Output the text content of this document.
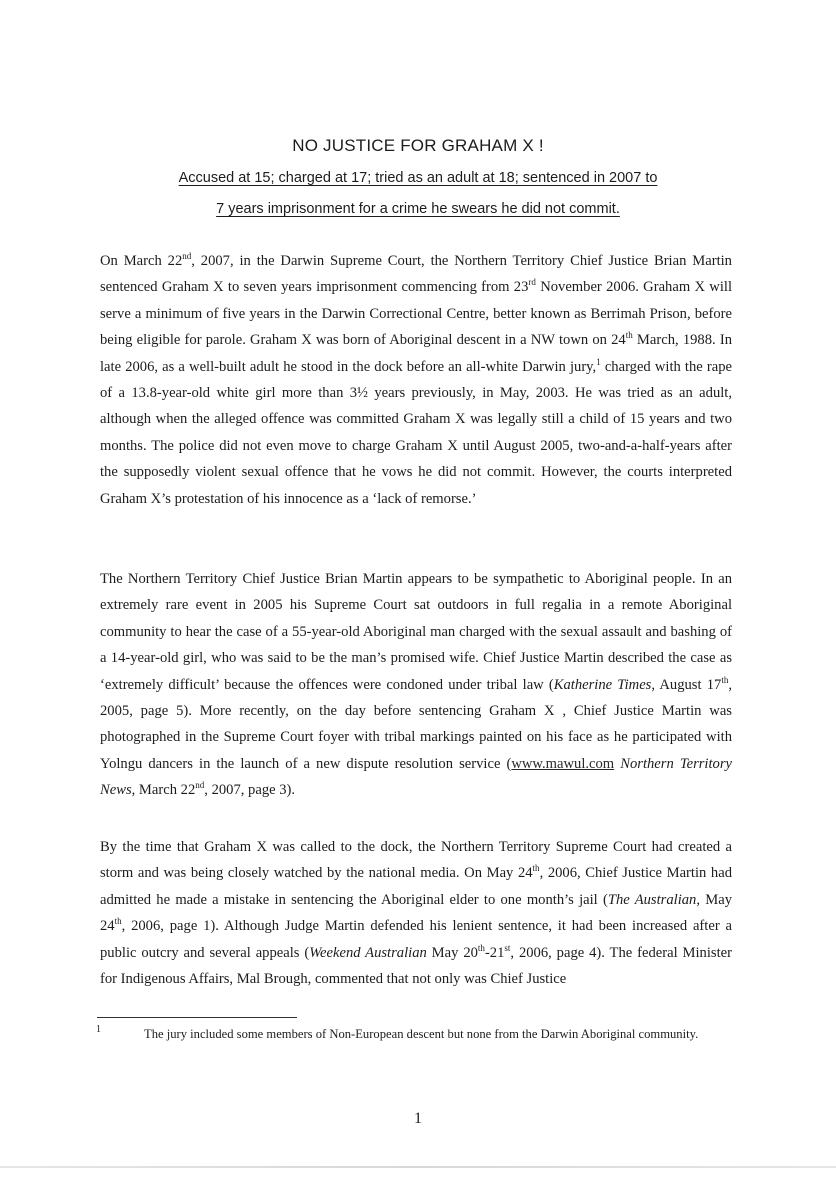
NO JUSTICE FOR GRAHAM X !
Accused at 15; charged at 17; tried as an adult at 18; sentenced in 2007 to
7 years imprisonment for a crime he swears he did not commit.

On March 22nd, 2007, in the Darwin Supreme Court, the Northern Territory Chief Justice Brian Martin sentenced Graham X to seven years imprisonment commencing from 23rd November 2006. Graham X will serve a minimum of five years in the Darwin Correctional Centre, better known as Berrimah Prison, before being eligible for parole. Graham X was born of Aboriginal descent in a NW town on 24th March, 1988. In late 2006, as a well-built adult he stood in the dock before an all-white Darwin jury,$^1$ charged with the rape of a 13.8-year-old white girl more than 3½ years previously, in May, 2003. He was tried as an adult, although when the alleged offence was committed Graham X was legally still a child of 15 years and two months. The police did not even move to charge Graham X until August 2005, two-and-a-half-years after the supposedly violent sexual offence that he vows he did not commit. However, the courts interpreted Graham X’s protestation of his innocence as a ‘lack of remorse.’

The Northern Territory Chief Justice Brian Martin appears to be sympathetic to Aboriginal people. In an extremely rare event in 2005 his Supreme Court sat outdoors in full regalia in a remote Aboriginal community to hear the case of a 55-year-old Aboriginal man charged with the sexual assault and bashing of a 14-year-old girl, who was said to be the man’s promised wife. Chief Justice Martin described the case as ‘extremely difficult’ because the offences were condoned under tribal law (Katherine Times, August 17th, 2005, page 5). More recently, on the day before sentencing Graham X , Chief Justice Martin was photographed in the Supreme Court foyer with tribal markings painted on his face as he participated with Yolngu dancers in the launch of a new dispute resolution service (www.mawul.com Northern Territory News, March 22nd, 2007, page 3).

By the time that Graham X was called to the dock, the Northern Territory Supreme Court had created a storm and was being closely watched by the national media. On May 24th, 2006, Chief Justice Martin had admitted he made a mistake in sentencing the Aboriginal elder to one month’s jail (The Australian, May 24th, 2006, page 1). Although Judge Martin defended his lenient sentence, it had been increased after a public outcry and several appeals (Weekend Australian May 20th-21st, 2006, page 4). The federal Minister for Indigenous Affairs, Mal Brough, commented that not only was Chief Justice

1	The jury included some members of Non-European descent but none from the Darwin Aboriginal community.

1
